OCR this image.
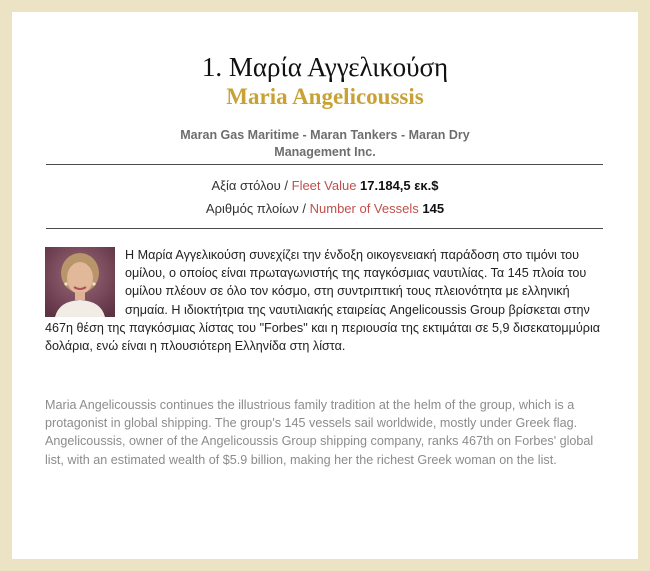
1. Μαρία Αγγελικούση
Maria Angelicoussis
Maran Gas Maritime - Maran Tankers - Maran Dry Management Inc.
Αξία στόλου / Fleet Value 17.184,5 εκ.$
Αριθμός πλοίων / Number of Vessels 145

Η Μαρία Αγγελικούση συνεχίζει την ένδοξη οικογενειακή παράδοση στο τιμόνι του ομίλου, ο οποίος είναι πρωταγωνιστής της παγκόσμιας ναυτιλίας. Τα 145 πλοία του ομίλου πλέουν σε όλο τον κόσμο, στη συντριπτική τους πλειονότητα με ελληνική σημαία. Η ιδιοκτήτρια της ναυτιλιακής εταιρείας Angelicoussis Group βρίσκεται στην 467η θέση της παγκόσμιας λίστας του "Forbes" και η περιουσία της εκτιμάται σε 5,9 δισεκατομμύρια δολάρια, ενώ είναι η πλουσιότερη Ελληνίδα στη λίστα.

Maria Angelicoussis continues the illustrious family tradition at the helm of the group, which is a protagonist in global shipping. The group's 145 vessels sail worldwide, mostly under Greek flag. Angelicoussis, owner of the Angelicoussis Group shipping company, ranks 467th on Forbes' global list, with an estimated wealth of $5.9 billion, making her the richest Greek woman on the list.
